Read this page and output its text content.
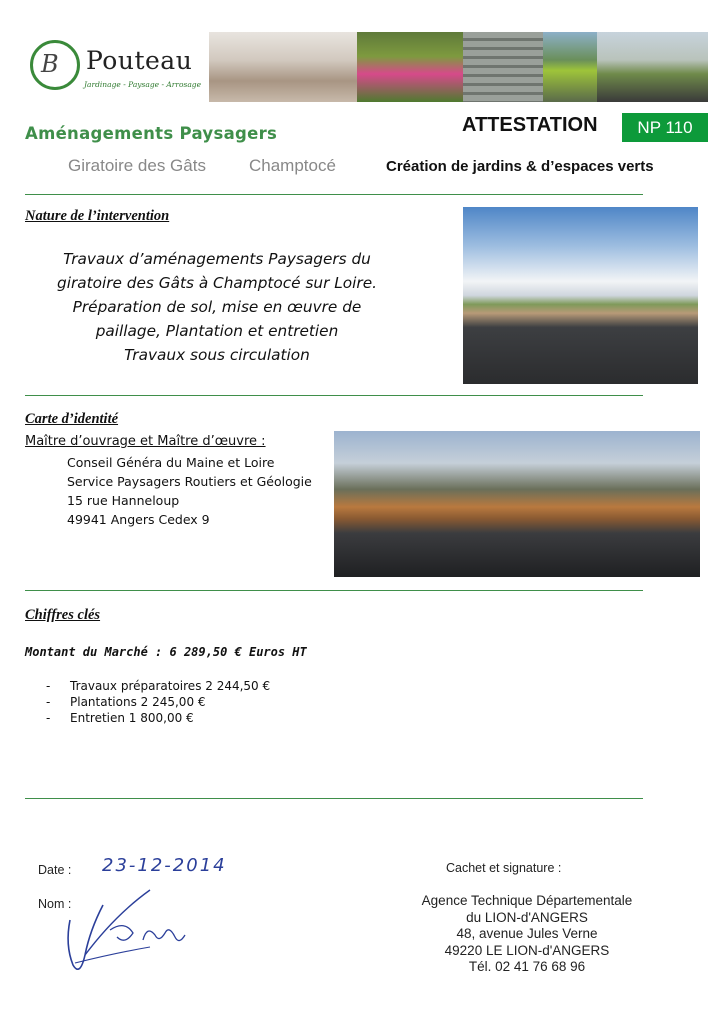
B Pouteau
Jardinage - Paysage - Arrosage
Aménagements Paysagers
Giratoire des Gâts	Champtocé
ATTESTATION	NP 110
Création de jardins & d’espaces verts
Nature de l’intervention
Travaux d’aménagements Paysagers du
giratoire des Gâts à Champtocé sur Loire.
Préparation de sol, mise en œuvre de
paillage, Plantation et entretien
Travaux sous circulation
Carte d’identité
Maître d’ouvrage et Maître d’œuvre :
Conseil Généra du Maine et Loire
Service Paysagers Routiers et Géologie
15 rue Hanneloup
49941 Angers Cedex 9
Chiffres clés
Montant du Marché : 6 289,50 € Euros HT
-	Travaux préparatoires 2 244,50 €
-	Plantations 2 245,00 €
-	Entretien 1 800,00 €
Date : 23-12-2014
Nom :
Cachet et signature :
Agence Technique Départementale
du LION-d'ANGERS
48, avenue Jules Verne
49220 LE LION-d'ANGERS
Tél. 02 41 76 68 96
